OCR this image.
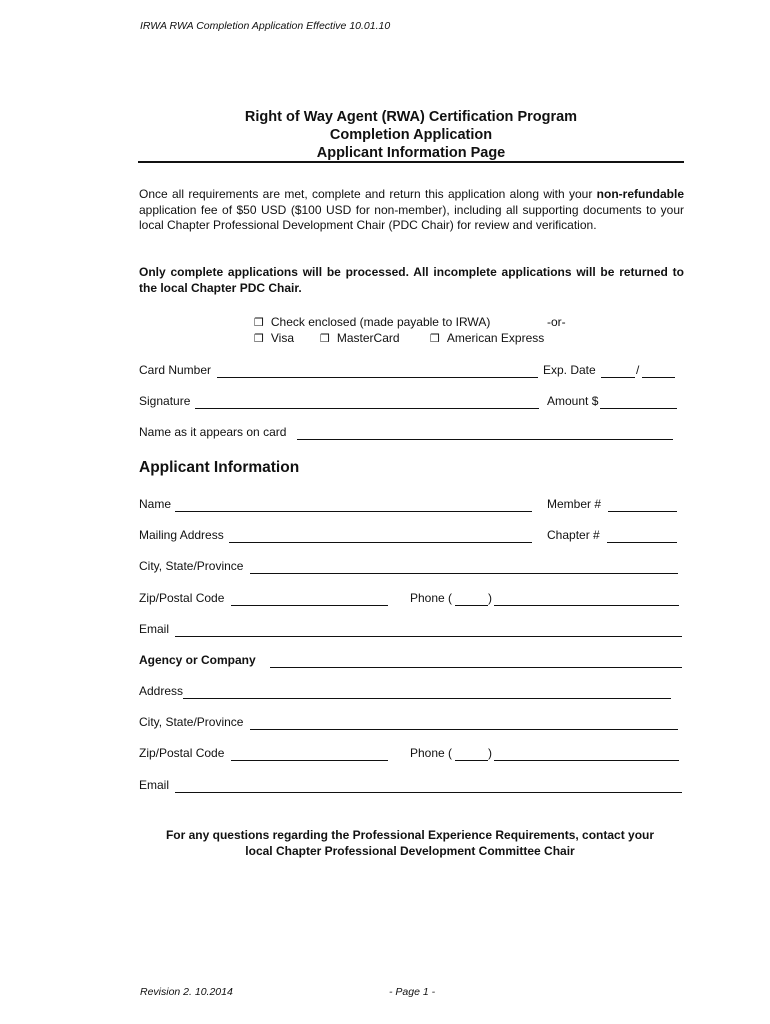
IRWA RWA Completion Application Effective 10.01.10
Right of Way Agent (RWA) Certification Program
Completion Application
Applicant Information Page
Once all requirements are met, complete and return this application along with your non-refundable application fee of $50 USD ($100 USD for non-member), including all supporting documents to your local Chapter Professional Development Chair (PDC Chair) for review and verification.
Only complete applications will be processed. All incomplete applications will be returned to the local Chapter PDC Chair.
❒ Check enclosed (made payable to IRWA)	-or-
❒ Visa ❒ MasterCard	❒ American Express
Card Number	Exp. Date	/
Signature	Amount $
Name as it appears on card
Applicant Information
Name	Member #
Mailing Address	Chapter #
City, State/Province
Zip/Postal Code	Phone (	)
Email
Agency or Company
Address
City, State/Province
Zip/Postal Code	Phone (	)
Email
For any questions regarding the Professional Experience Requirements, contact your
local Chapter Professional Development Committee Chair
Revision 2. 10.2014	- Page 1 -
